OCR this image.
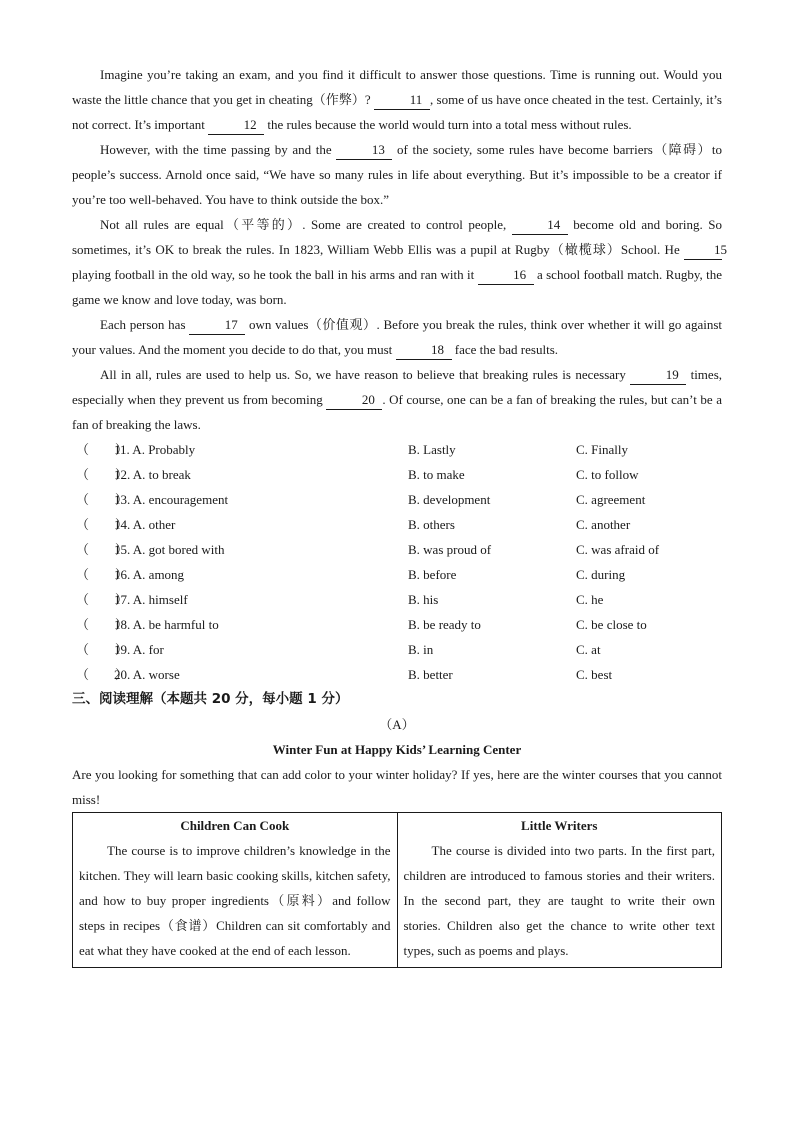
Imagine you’re taking an exam, and you find it difficult to answer those questions. Time is running out. Would you waste the little chance that you get in cheating（作弊）?	11 , some of us have once cheated in the test. Certainly, it’s not correct. It’s important	12 the rules because the world would turn into a total mess without rules.

However, with the time passing by and the	13 of the society, some rules have become barriers（障碍）to people’s success. Arnold once said, “We have so many rules in life about everything. But it’s impossible to be a creator if you’re too well-behaved. You have to think outside the box.”

Not all rules are equal（平等的）. Some are created to control people,	14 become old and boring. So sometimes, it’s OK to break the rules. In 1823, William Webb Ellis was a pupil at Rugby（橄榄球）School. He 15 playing football in the old way, so he took the ball in his arms and ran with it	16 a school football match. Rugby, the game we know and love today, was born.

Each person has	17 own values（价值观）. Before you break the rules, think over whether it will go against your values. And the moment you decide to do that, you must	18 face the bad results.

All in all, rules are used to help us. So, we have reason to believe that breaking rules is necessary	19 times, especially when they prevent us from becoming	20 . Of course, one can be a fan of breaking the rules, but can’t be a fan of breaking the laws.

（　　）
11. A. Probably	B. Lastly	C. Finally
（　　）
12. A. to break	B. to make	C. to follow
（　　）
13. A. encouragement	B. development	C. agreement
（　　）
14. A. other	B. others	C. another
（　　）
15. A. got bored with	B. was proud of	C. was afraid of
（　　）
16. A. among	B. before	C. during
（　　）
17. A. himself	B. his	C. he
（　　）
18. A. be harmful to	B. be ready to	C. be close to
（　　）
19. A. for	B. in	C. at
（　　）
20. A. worse	B. better	C. best

三、阅读理解（本题共 20 分，每小题 1 分）

（A）

Winter Fun at Happy Kids’ Learning Center

Are you looking for something that can add color to your winter holiday? If yes, here are the winter courses that you cannot miss!

Children Can Cook

The course is to improve children’s knowledge in the kitchen. They will learn basic cooking skills, kitchen safety, and how to buy proper ingredients（原料）and follow steps in recipes（食谱）Children can sit comfortably and eat what they have cooked at the end of each lesson.

Little Writers

The course is divided into two parts. In the first part, children are introduced to famous stories and their writers. In the second part, they are taught to write their own stories. Children also get the chance to write other text types, such as poems and plays.
